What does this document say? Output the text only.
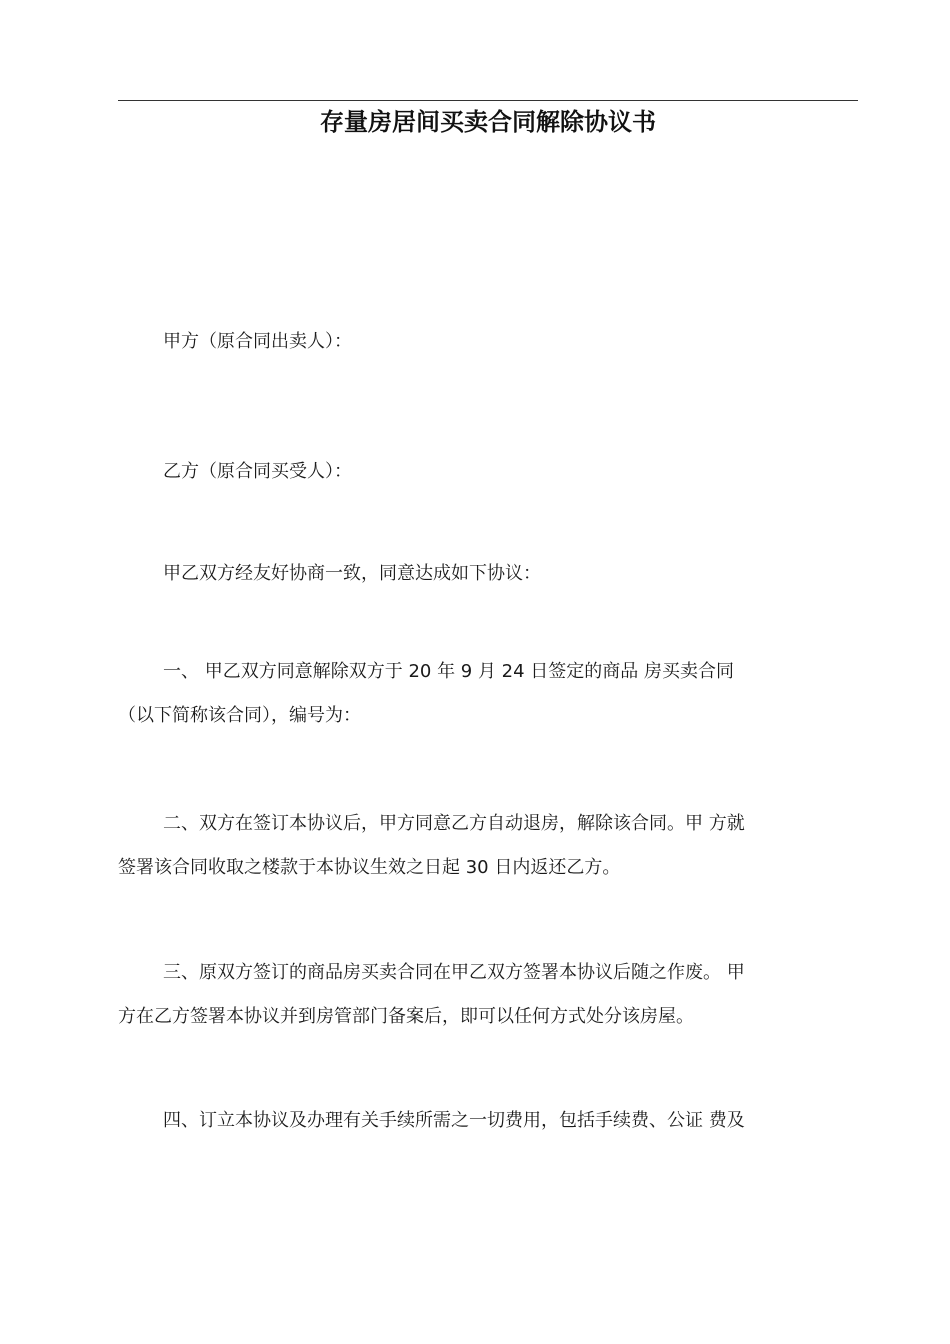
存量房居间买卖合同解除协议书

甲方（原合同出卖人）：

乙方（原合同买受人）：

甲乙双方经友好协商一致，同意达成如下协议：

一、 甲乙双方同意解除双方于 20 年 9 月 24 日签定的商品 房买卖合同
（以下简称该合同），编号为：

二、双方在签订本协议后，甲方同意乙方自动退房，解除该合同。甲 方就
签署该合同收取之楼款于本协议生效之日起 30 日内返还乙方。

三、原双方签订的商品房买卖合同在甲乙双方签署本协议后随之作废。 甲
方在乙方签署本协议并到房管部门备案后，即可以任何方式处分该房屋。

四、订立本协议及办理有关手续所需之一切费用，包括手续费、公证 费及
